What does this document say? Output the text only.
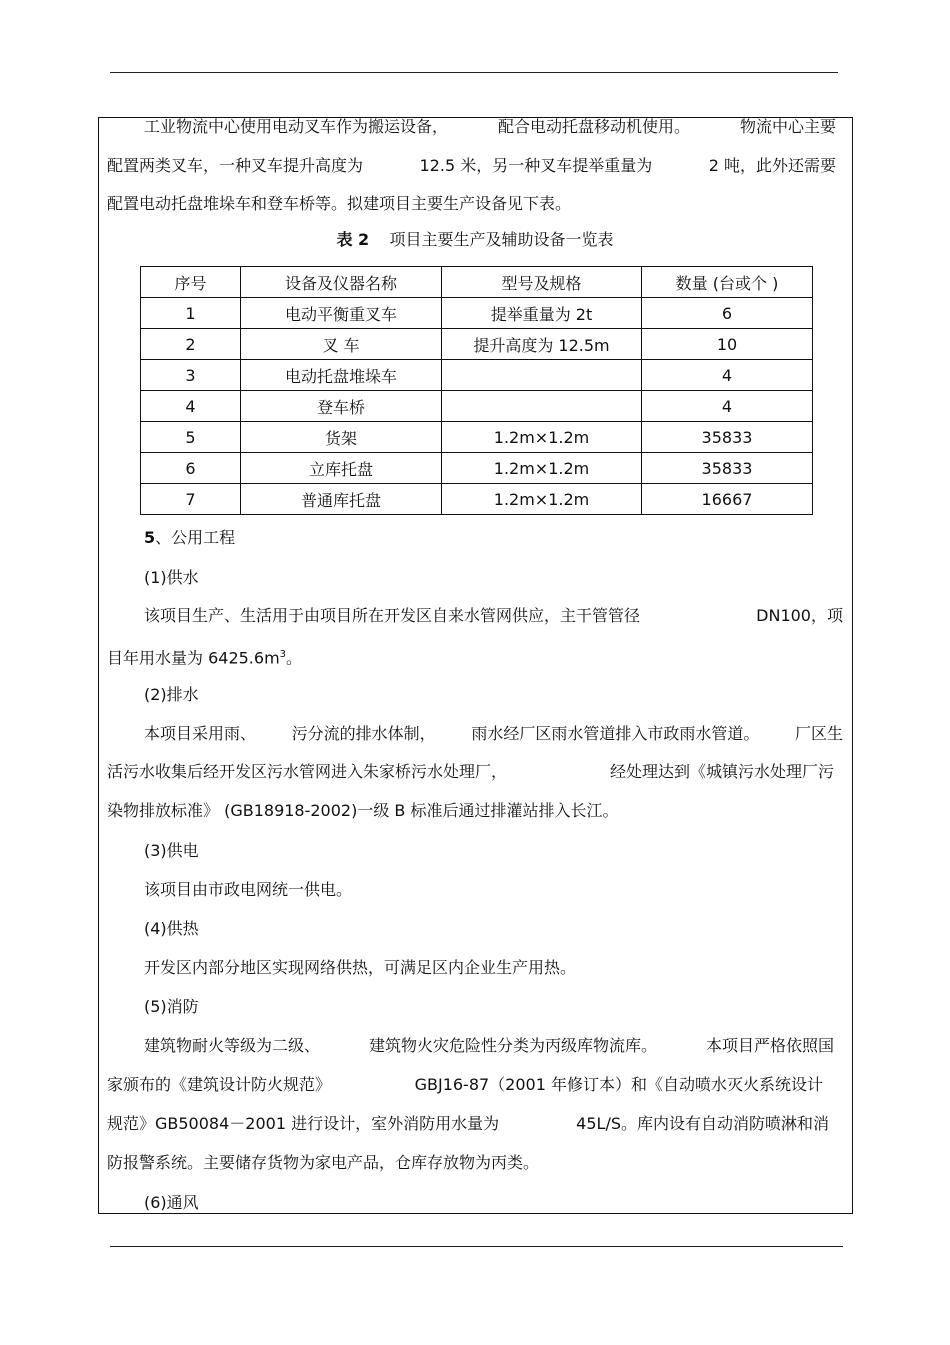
工业物流中心使用电动叉车作为搬运设备，	配合电动托盘移动机使用。	物流中心主要
配置两类叉车，一种叉车提升高度为	12.5 米，另一种叉车提举重量为	2 吨，此外还需要
配置电动托盘堆垛车和登车桥等。拟建项目主要生产设备见下表。
表 2 项目主要生产及辅助设备一览表
序号	设备及仪器名称	型号及规格	数量 (台或个 )
1	电动平衡重叉车	提举重量为 2t	6
2	叉 车	提升高度为 12.5m	10
3	电动托盘堆垛车		4
4	登车桥		4
5	货架	1.2m×1.2m	35833
6	立库托盘	1.2m×1.2m	35833
7	普通库托盘	1.2m×1.2m	16667
5、公用工程
(1)供水
该项目生产、生活用于由项目所在开发区自来水管网供应，主干管管径	DN100，项
目年用水量为 $6425.6m^3$。
(2)排水
本项目采用雨、 污分流的排水体制， 雨水经厂区雨水管道排入市政雨水管道。 厂区生
活污水收集后经开发区污水管网进入朱家桥污水处理厂，	经处理达到《城镇污水处理厂污
染物排放标准》 (GB18918-2002)一级 B 标准后通过排灌站排入长江。
(3)供电
该项目由市政电网统一供电。
(4)供热
开发区内部分地区实现网络供热，可满足区内企业生产用热。
(5)消防
建筑物耐火等级为二级、	建筑物火灾危险性分类为丙级库物流库。	本项目严格依照国
家颁布的《建筑设计防火规范》	GBJ16-87（2001 年修订本）和《自动喷水灭火系统设计
规范》GB50084－2001 进行设计，室外消防用水量为	45L/S。库内设有自动消防喷淋和消
防报警系统。主要储存货物为家电产品，仓库存放物为丙类。
(6)通风
